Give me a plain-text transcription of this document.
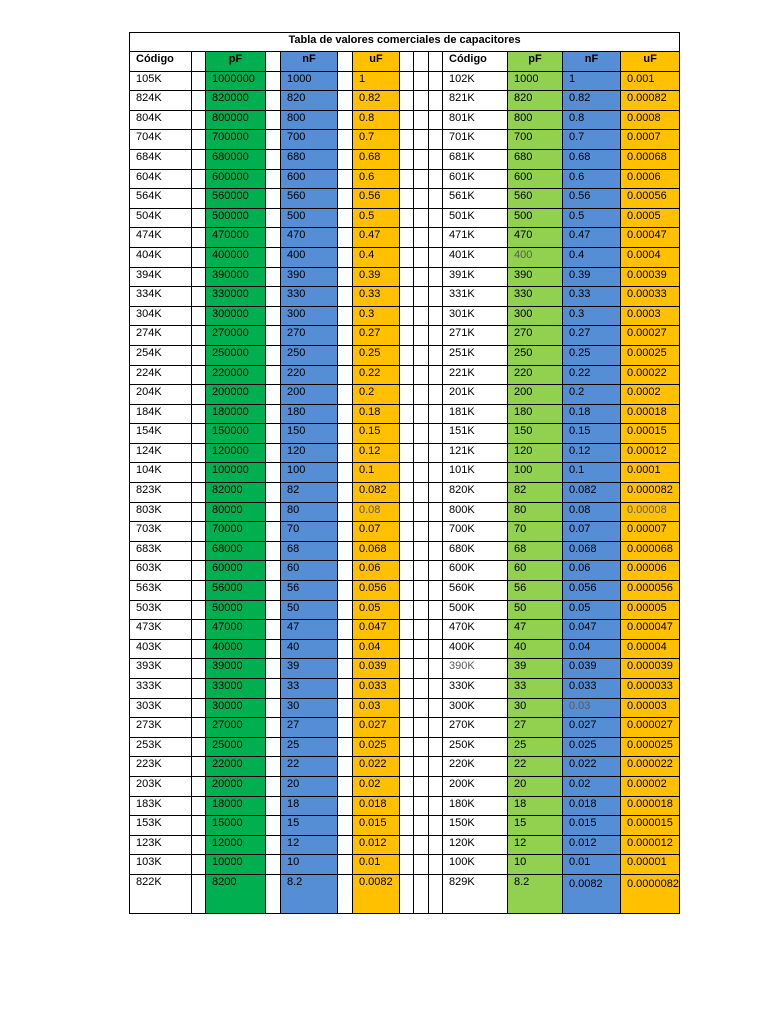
Tabla de valores comerciales de capacitores													
Código		pF		nF		uF				Código	pF	nF	uF
105K		1000000		1000		1				102K	1000	1	0.001
824K		820000		820		0.82				821K	820	0.82	0.00082
804K		800000		800		0.8				801K	800	0.8	0.0008
704K		700000		700		0.7				701K	700	0.7	0.0007
684K		680000		680		0.68				681K	680	0.68	0.00068
604K		600000		600		0.6				601K	600	0.6	0.0006
564K		560000		560		0.56				561K	560	0.56	0.00056
504K		500000		500		0.5				501K	500	0.5	0.0005
474K		470000		470		0.47				471K	470	0.47	0.00047
404K		400000		400		0.4				401K	400	0.4	0.0004
394K		390000		390		0.39				391K	390	0.39	0.00039
334K		330000		330		0.33				331K	330	0.33	0.00033
304K		300000		300		0.3				301K	300	0.3	0.0003
274K		270000		270		0.27				271K	270	0.27	0.00027
254K		250000		250		0.25				251K	250	0.25	0.00025
224K		220000		220		0.22				221K	220	0.22	0.00022
204K		200000		200		0.2				201K	200	0.2	0.0002
184K		180000		180		0.18				181K	180	0.18	0.00018
154K		150000		150		0.15				151K	150	0.15	0.00015
124K		120000		120		0.12				121K	120	0.12	0.00012
104K		100000		100		0.1				101K	100	0.1	0.0001
823K		82000		82		0.082				820K	82	0.082	0.000082
803K		80000		80		0.08				800K	80	0.08	0.00008
703K		70000		70		0.07				700K	70	0.07	0.00007
683K		68000		68		0.068				680K	68	0.068	0.000068
603K		60000		60		0.06				600K	60	0.06	0.00006
563K		56000		56		0.056				560K	56	0.056	0.000056
503K		50000		50		0.05				500K	50	0.05	0.00005
473K		47000		47		0.047				470K	47	0.047	0.000047
403K		40000		40		0.04				400K	40	0.04	0.00004
393K		39000		39		0.039				390K	39	0.039	0.000039
333K		33000		33		0.033				330K	33	0.033	0.000033
303K		30000		30		0.03				300K	30	0.03	0.00003
273K		27000		27		0.027				270K	27	0.027	0.000027
253K		25000		25		0.025				250K	25	0.025	0.000025
223K		22000		22		0.022				220K	22	0.022	0.000022
203K		20000		20		0.02				200K	20	0.02	0.00002
183K		18000		18		0.018				180K	18	0.018	0.000018
153K		15000		15		0.015				150K	15	0.015	0.000015
123K		12000		12		0.012				120K	12	0.012	0.000012
103K		10000		10		0.01				100K	10	0.01	0.00001
822K		8200		8.2		0.0082				829K	8.2	0.0082	0.0000082
